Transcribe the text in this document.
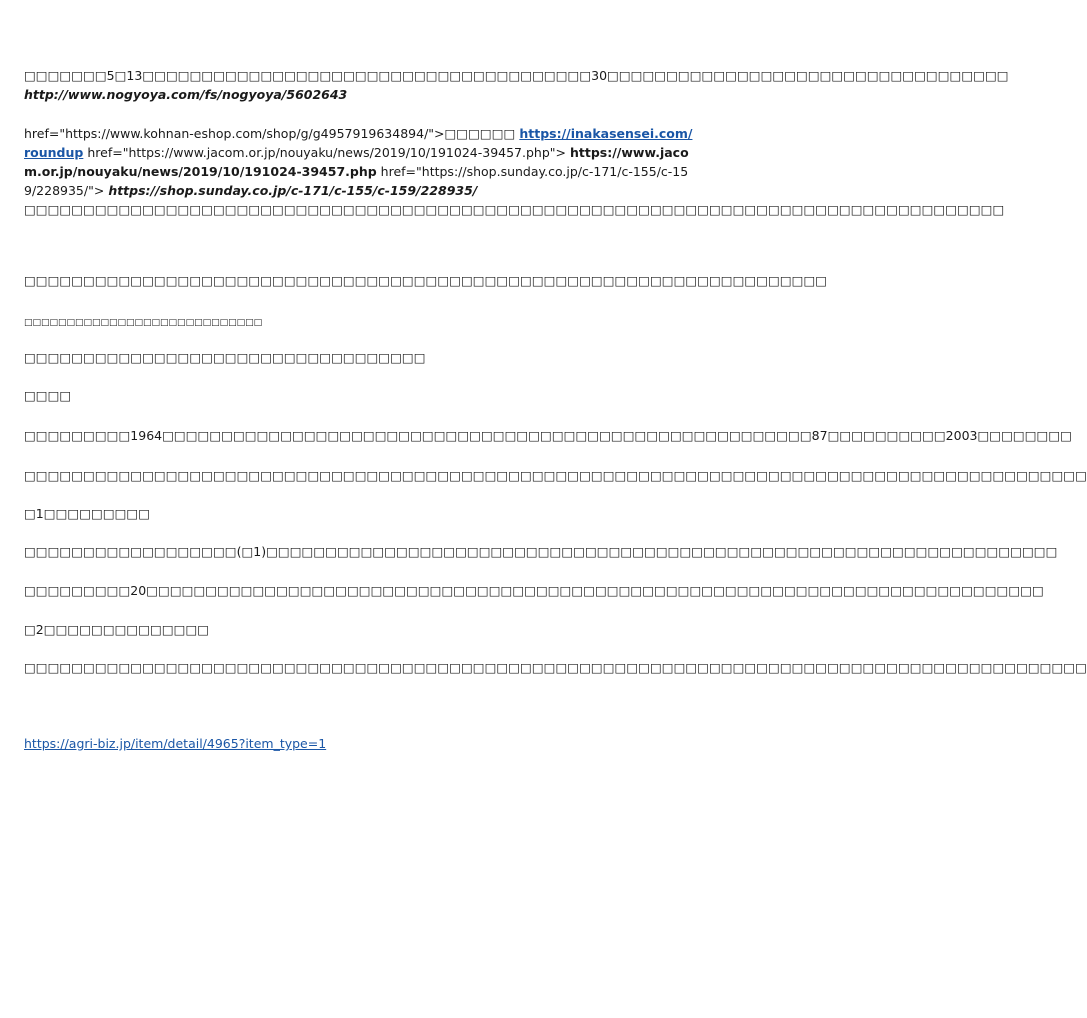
□□□□□□□5□13□□□□□□□□□□□□□□□□□□□□□□□□□□□□□□□□□□□□□□30□□□□□□□□□□□□□□□□□□□□□□□□□□□□□□□□□□

http://www.nogyoya.com/fs/nogyoya/5602643

href="https://www.kohnan-eshop.com/shop/g/g4957919634894/">□□□□□□ https://inakasensei.com/roundup href="https://www.jacom.or.jp/nouyaku/news/2019/10/191024-39457.php"> https://www.jacom.or.jp/nouyaku/news/2019/10/191024-39457.php href="https://shop.sunday.co.jp/c-171/c-155/c-159/228935/"> https://shop.sunday.co.jp/c-171/c-155/c-159/228935/ □□□□□□□□□□□□□□□□□□□□□□□□□□□□□□□□□□□□□□□□□□□□□□□□□□□□□□□□□□□□□□□□□□□□□□□□□□□□□□□□□□□

□□□□□□□□□□□□□□□□□□□□□□□□□□□□□□□□□□□□□□□□□□□□□□□□□□□□□□□□□□□□□□□□□□□□

□□□□□□□□□□□□□□□□□□□□□□□□□□□□

□□□□□□□□□□□□□□□□□□□□□□□□□□□□□□□□□□

□□□□

□□□□□□□□□1964□□□□□□□□□□□□□□□□□□□□□□□□□□□□□□□□□□□□□□□□□□□□□□□□□□□□□□□87□□□□□□□□□□2003□□□□□□□□

□□□□□□□□□□□□□□□□□□□□□□□□□□□□□□□□□□□□□□□□□□□□□□□□□□□□□□□□□□□□□□□□□□□□□□□□□□□□□□□□□□□□□□□□□□

□1□□□□□□□□□

□□□□□□□□□□□□□□□□□□(□1)□□□□□□□□□□□□□□□□□□□□□□□□□□□□□□□□□□□□□□□□□□□□□□□□□□□□□□□□□□□□□□□□□□□

□□□□□□□□□20□□□□□□□□□□□□□□□□□□□□□□□□□□□□□□□□□□□□□□□□□□□□□□□□□□□□□□□□□□□□□□□□□□□□□□□□□□□□

□2□□□□□□□□□□□□□□

□□□□□□□□□□□□□□□□□□□□□□□□□□□□□□□□□□□□□□□□□□□□□□□□□□□□□□□□□□□□□□□□□□□□□□□□□□□□□□□□□□□□□□□□□□

https://agri-biz.jp/item/detail/4965?item_type=1
